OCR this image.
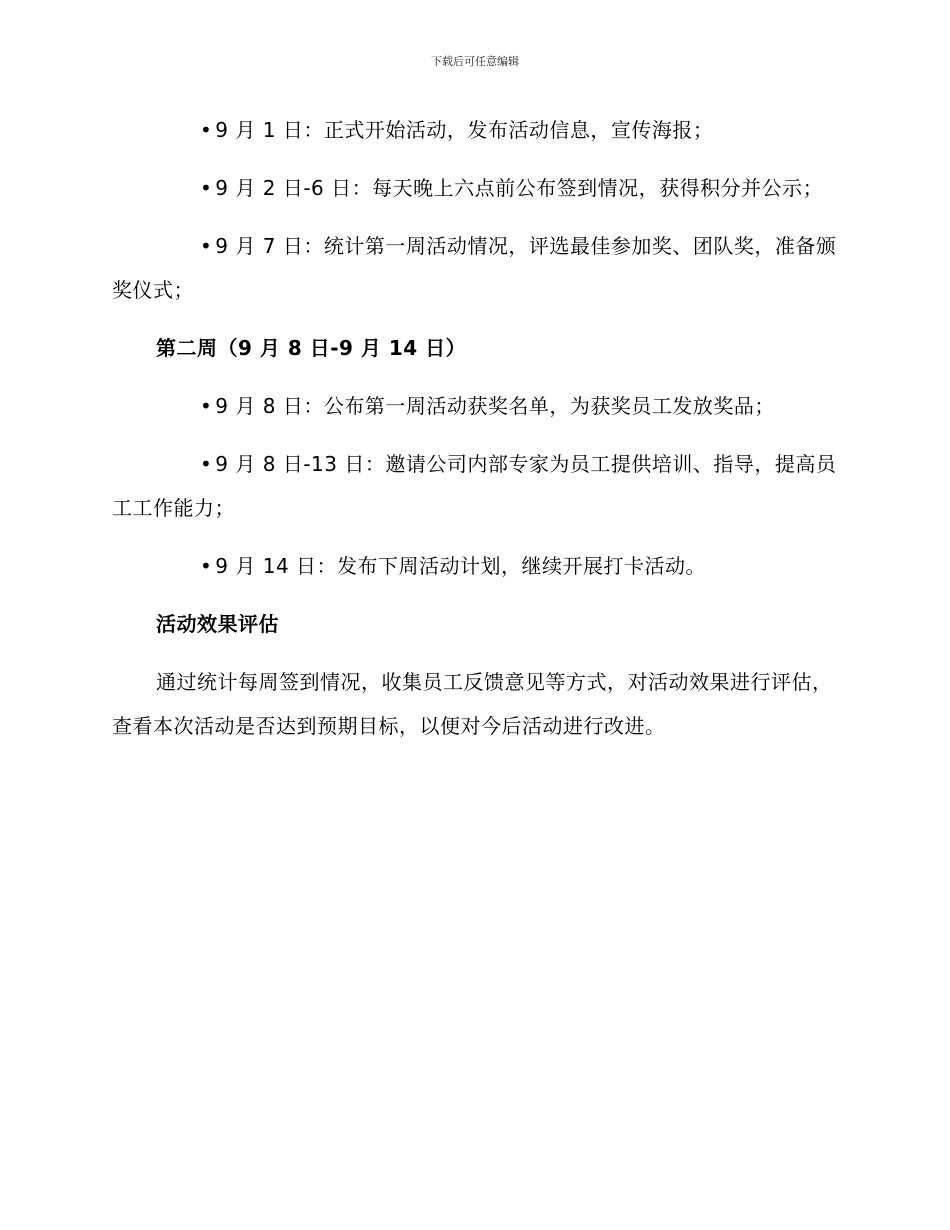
下载后可任意编辑

• 9 月 1 日：正式开始活动，发布活动信息，宣传海报；

• 9 月 2 日-6 日：每天晚上六点前公布签到情况，获得积分并公示；

• 9 月 7 日：统计第一周活动情况，评选最佳参加奖、团队奖，准备颁奖仪式；

第二周（9 月 8 日-9 月 14 日）

• 9 月 8 日：公布第一周活动获奖名单，为获奖员工发放奖品；

• 9 月 8 日-13 日：邀请公司内部专家为员工提供培训、指导，提高员工工作能力；

• 9 月 14 日：发布下周活动计划，继续开展打卡活动。

活动效果评估

通过统计每周签到情况，收集员工反馈意见等方式，对活动效果进行评估，查看本次活动是否达到预期目标，以便对今后活动进行改进。
